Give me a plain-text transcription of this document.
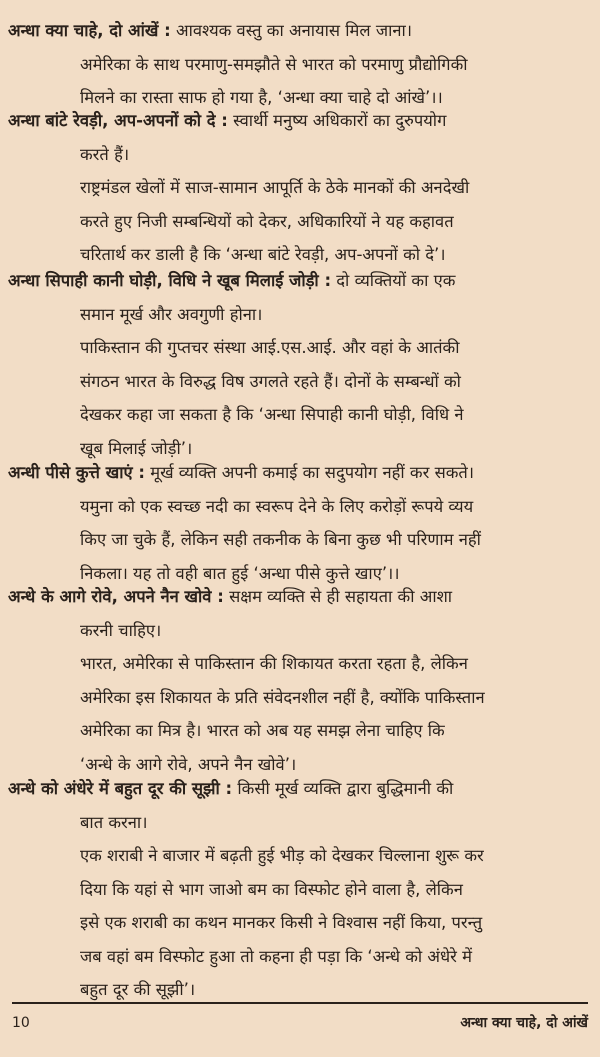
अन्धा क्या चाहे, दो आंखें : आवश्यक वस्तु का अनायास मिल जाना।
अमेरिका के साथ परमाणु-समझौते से भारत को परमाणु प्रौद्योगिकी
मिलने का रास्ता साफ हो गया है, ‘अन्धा क्या चाहे दो आंखे’।।
अन्धा बांटे रेवड़ी, अप-अपनों को दे : स्वार्थी मनुष्य अधिकारों का दुरुपयोग
करते हैं।
राष्ट्रमंडल खेलों में साज-सामान आपूर्ति के ठेके मानकों की अनदेखी
करते हुए निजी सम्बन्धियों को देकर, अधिकारियों ने यह कहावत
चरितार्थ कर डाली है कि ‘अन्धा बांटे रेवड़ी, अप-अपनों को दे’।
अन्धा सिपाही कानी घोड़ी, विधि ने खूब मिलाई जोड़ी : दो व्यक्तियों का एक
समान मूर्ख और अवगुणी होना।
पाकिस्तान की गुप्तचर संस्था आई.एस.आई. और वहां के आतंकी
संगठन भारत के विरुद्ध विष उगलते रहते हैं। दोनों के सम्बन्धों को
देखकर कहा जा सकता है कि ‘अन्धा सिपाही कानी घोड़ी, विधि ने
खूब मिलाई जोड़ी’।
अन्धी पीसे कुत्ते खाएं : मूर्ख व्यक्ति अपनी कमाई का सदुपयोग नहीं कर सकते।
यमुना को एक स्वच्छ नदी का स्वरूप देने के लिए करोड़ों रूपये व्यय
किए जा चुके हैं, लेकिन सही तकनीक के बिना कुछ भी परिणाम नहीं
निकला। यह तो वही बात हुई ‘अन्धा पीसे कुत्ते खाए’।।
अन्धे के आगे रोवे, अपने नैन खोवे : सक्षम व्यक्ति से ही सहायता की आशा
करनी चाहिए।
भारत, अमेरिका से पाकिस्तान की शिकायत करता रहता है, लेकिन
अमेरिका इस शिकायत के प्रति संवेदनशील नहीं है, क्योंकि पाकिस्तान
अमेरिका का मित्र है। भारत को अब यह समझ लेना चाहिए कि
‘अन्धे के आगे रोवे, अपने नैन खोवे’।
अन्धे को अंधेरे में बहुत दूर की सूझी : किसी मूर्ख व्यक्ति द्वारा बुद्धिमानी की
बात करना।
एक शराबी ने बाजार में बढ़ती हुई भीड़ को देखकर चिल्लाना शुरू कर
दिया कि यहां से भाग जाओ बम का विस्फोट होने वाला है, लेकिन
इसे एक शराबी का कथन मानकर किसी ने विश्वास नहीं किया, परन्तु
जब वहां बम विस्फोट हुआ तो कहना ही पड़ा कि ‘अन्धे को अंधेरे में
बहुत दूर की सूझी’।
10	अन्धा क्या चाहे, दो आंखें
